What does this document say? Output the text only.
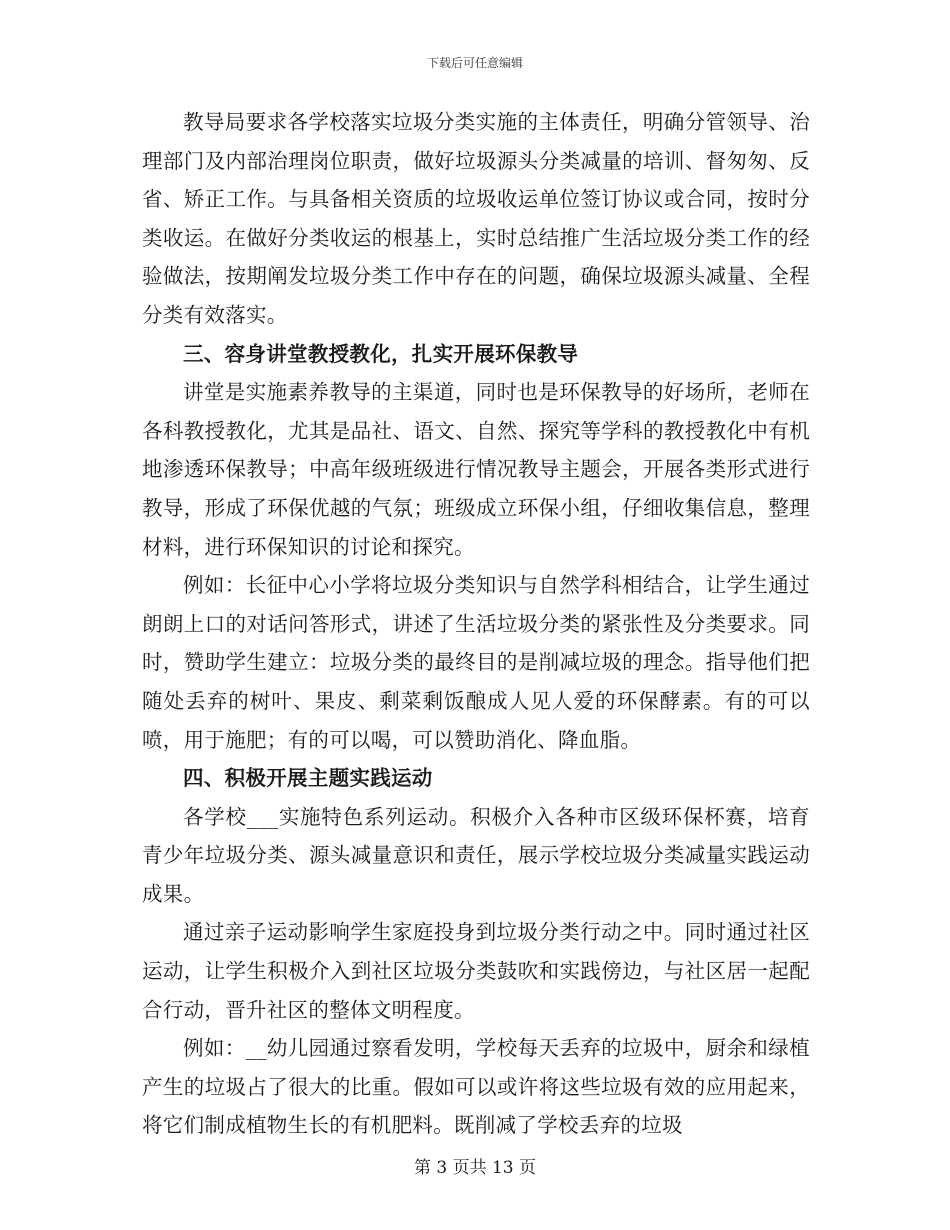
下载后可任意编辑

教导局要求各学校落实垃圾分类实施的主体责任，明确分管领导、治理部门及内部治理岗位职责，做好垃圾源头分类减量的培训、督匆匆、反省、矫正工作。与具备相关资质的垃圾收运单位签订协议或合同，按时分类收运。在做好分类收运的根基上，实时总结推广生活垃圾分类工作的经验做法，按期阐发垃圾分类工作中存在的问题，确保垃圾源头减量、全程分类有效落实。

三、容身讲堂教授教化，扎实开展环保教导

讲堂是实施素养教导的主渠道，同时也是环保教导的好场所，老师在各科教授教化，尤其是品社、语文、自然、探究等学科的教授教化中有机地渗透环保教导；中高年级班级进行情况教导主题会，开展各类形式进行教导，形成了环保优越的气氛；班级成立环保小组，仔细收集信息，整理材料，进行环保知识的讨论和探究。

例如：长征中心小学将垃圾分类知识与自然学科相结合，让学生通过朗朗上口的对话问答形式，讲述了生活垃圾分类的紧张性及分类要求。同时，赞助学生建立：垃圾分类的最终目的是削减垃圾的理念。指导他们把随处丢弃的树叶、果皮、剩菜剩饭酿成人见人爱的环保酵素。有的可以喷，用于施肥；有的可以喝，可以赞助消化、降血脂。

四、积极开展主题实践运动

各学校___实施特色系列运动。积极介入各种市区级环保杯赛，培育青少年垃圾分类、源头减量意识和责任，展示学校垃圾分类减量实践运动成果。

通过亲子运动影响学生家庭投身到垃圾分类行动之中。同时通过社区运动，让学生积极介入到社区垃圾分类鼓吹和实践傍边，与社区居一起配合行动，晋升社区的整体文明程度。

例如：__幼儿园通过察看发明，学校每天丢弃的垃圾中，厨余和绿植产生的垃圾占了很大的比重。假如可以或许将这些垃圾有效的应用起来，将它们制成植物生长的有机肥料。既削减了学校丢弃的垃圾

第 3 页共 13 页
